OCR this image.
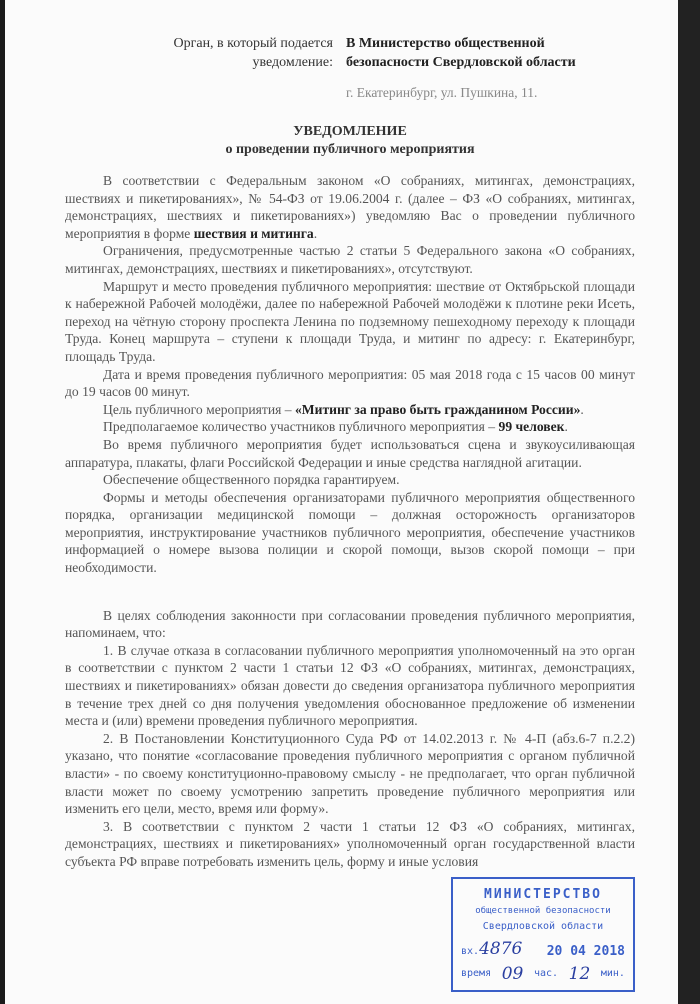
Орган, в который подается
уведомление:
В Министерство общественной
безопасности Свердловской области
г. Екатеринбург, ул. Пушкина, 11.
УВЕДОМЛЕНИЕ
о проведении публичного мероприятия

В соответствии с Федеральным законом «О собраниях, митингах, демонстрациях, шествиях и пикетированиях», № 54-ФЗ от 19.06.2004 г. (далее – ФЗ «О собраниях, митингах, демонстрациях, шествиях и пикетированиях») уведомляю Вас о проведении публичного мероприятия в форме шествия и митинга.

Ограничения, предусмотренные частью 2 статьи 5 Федерального закона «О собраниях, митингах, демонстрациях, шествиях и пикетированиях», отсутствуют.

Маршрут и место проведения публичного мероприятия: шествие от Октябрьской площади к набережной Рабочей молодёжи, далее по набережной Рабочей молодёжи к плотине реки Исеть, переход на чётную сторону проспекта Ленина по подземному пешеходному переходу к площади Труда. Конец маршрута – ступени к площади Труда, и митинг по адресу: г. Екатеринбург, площадь Труда.

Дата и время проведения публичного мероприятия: 05 мая 2018 года с 15 часов 00 минут до 19 часов 00 минут.

Цель публичного мероприятия – «Митинг за право быть гражданином России».

Предполагаемое количество участников публичного мероприятия – 99 человек.

Во время публичного мероприятия будет использоваться сцена и звукоусиливающая аппаратура, плакаты, флаги Российской Федерации и иные средства наглядной агитации.

Обеспечение общественного порядка гарантируем.

Формы и методы обеспечения организаторами публичного мероприятия общественного порядка, организации медицинской помощи – должная осторожность организаторов мероприятия, инструктирование участников публичного мероприятия, обеспечение участников информацией о номере вызова полиции и скорой помощи, вызов скорой помощи – при необходимости.

В целях соблюдения законности при согласовании проведения публичного мероприятия, напоминаем, что:

1. В случае отказа в согласовании публичного мероприятия уполномоченный на это орган в соответствии с пунктом 2 части 1 статьи 12 ФЗ «О собраниях, митингах, демонстрациях, шествиях и пикетированиях» обязан довести до сведения организатора публичного мероприятия в течение трех дней со дня получения уведомления обоснованное предложение об изменении места и (или) времени проведения публичного мероприятия.

2. В Постановлении Конституционного Суда РФ от 14.02.2013 г. № 4-П (абз.6-7 п.2.2) указано, что понятие «согласование проведения публичного мероприятия с органом публичной власти» - по своему конституционно-правовому смыслу - не предполагает, что орган публичной власти может по своему усмотрению запретить проведение публичного мероприятия или изменить его цели, место, время или форму».

3. В соответствии с пунктом 2 части 1 статьи 12 ФЗ «О собраниях, митингах, демонстрациях, шествиях и пикетированиях» уполномоченный орган государственной власти субъекта РФ вправе потребовать изменить цель, форму и иные условия

МИНИСТЕРСТВО
общественной безопасности
Свердловской области
вх.4876 20 04 2018
время 09 час. 12 мин.
